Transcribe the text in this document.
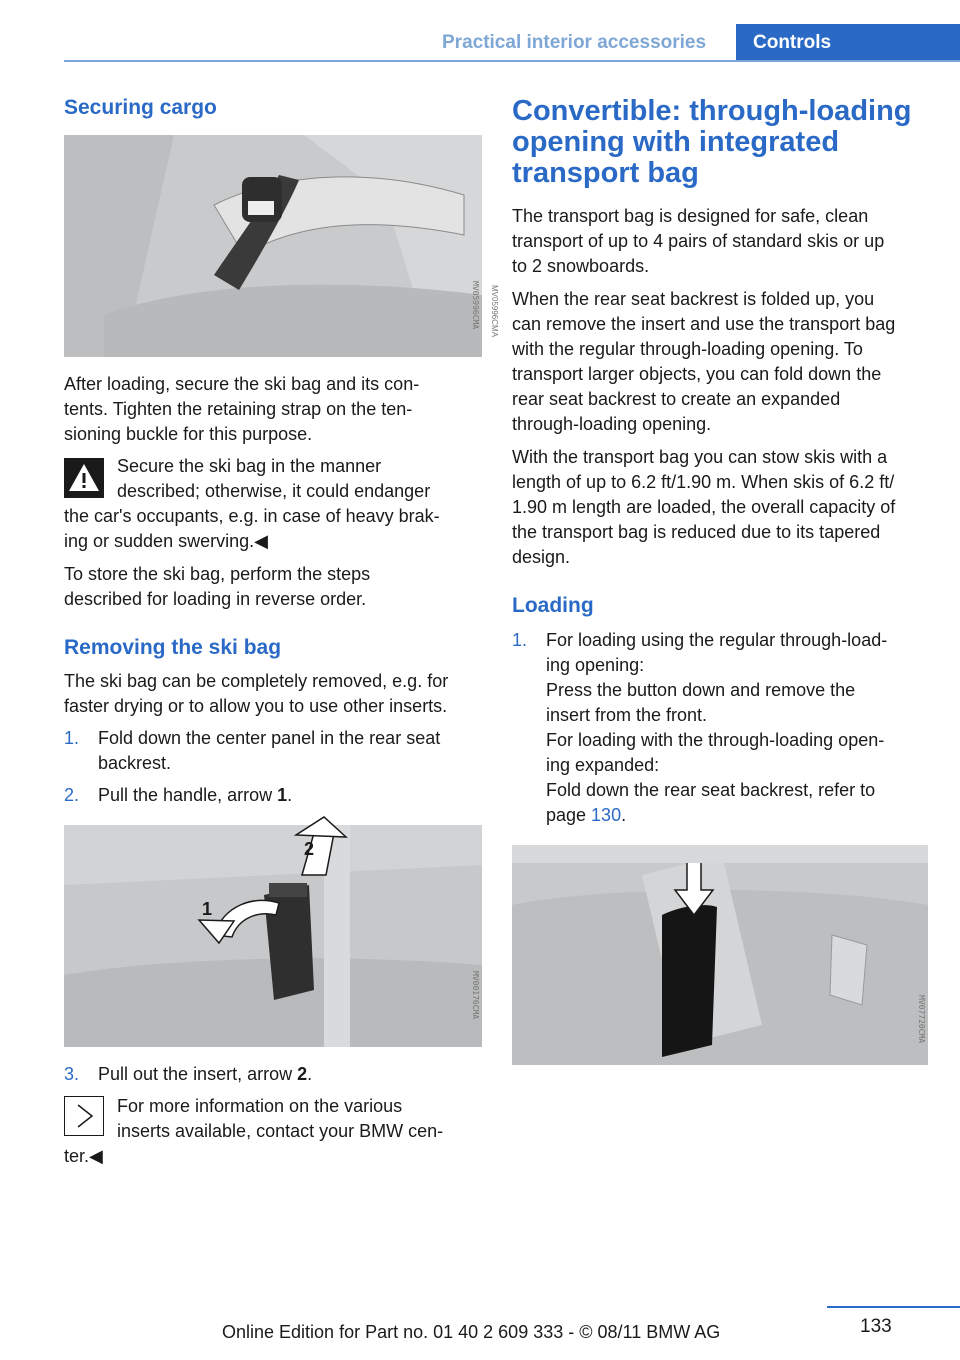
Practical interior accessories Controls
Securing cargo
MV05996CMA
MV05996CMA

After loading, secure the ski bag and its con-

tents. Tighten the retaining strap on the ten-

sioning buckle for this purpose.

Secure the ski bag in the manner

described; otherwise, it could endanger

the car's occupants, e.g. in case of heavy brak-

ing or sudden swerving.◀

To store the ski bag, perform the steps

described for loading in reverse order.

Removing the ski bag

The ski bag can be completely removed, e.g. for

faster drying or to allow you to use other inserts.

1. Fold down the center panel in the rear seat
backrest.
2. Pull the handle, arrow 1.
1
2
MV00176CMA
3. Pull out the insert, arrow 2.

For more information on the various

inserts available, contact your BMW cen-

ter.◀

Convertible: through-loading
opening with integrated
transport bag

The transport bag is designed for safe, clean

transport of up to 4 pairs of standard skis or up

to 2 snowboards.

When the rear seat backrest is folded up, you

can remove the insert and use the transport bag

with the regular through-loading opening. To

transport larger objects, you can fold down the

rear seat backrest to create an expanded

through-loading opening.

With the transport bag you can stow skis with a

length of up to 6.2 ft/1.90 m. When skis of 6.2 ft/

1.90 m length are loaded, the overall capacity of

the transport bag is reduced due to its tapered

design.

Loading
1. For loading using the regular through-load-
ing opening:
Press the button down and remove the
insert from the front.
For loading with the through-loading open-
ing expanded:
Fold down the rear seat backrest, refer to
page 130.
MV07720CMA
133
Online Edition for Part no. 01 40 2 609 333 - © 08/11 BMW AG
